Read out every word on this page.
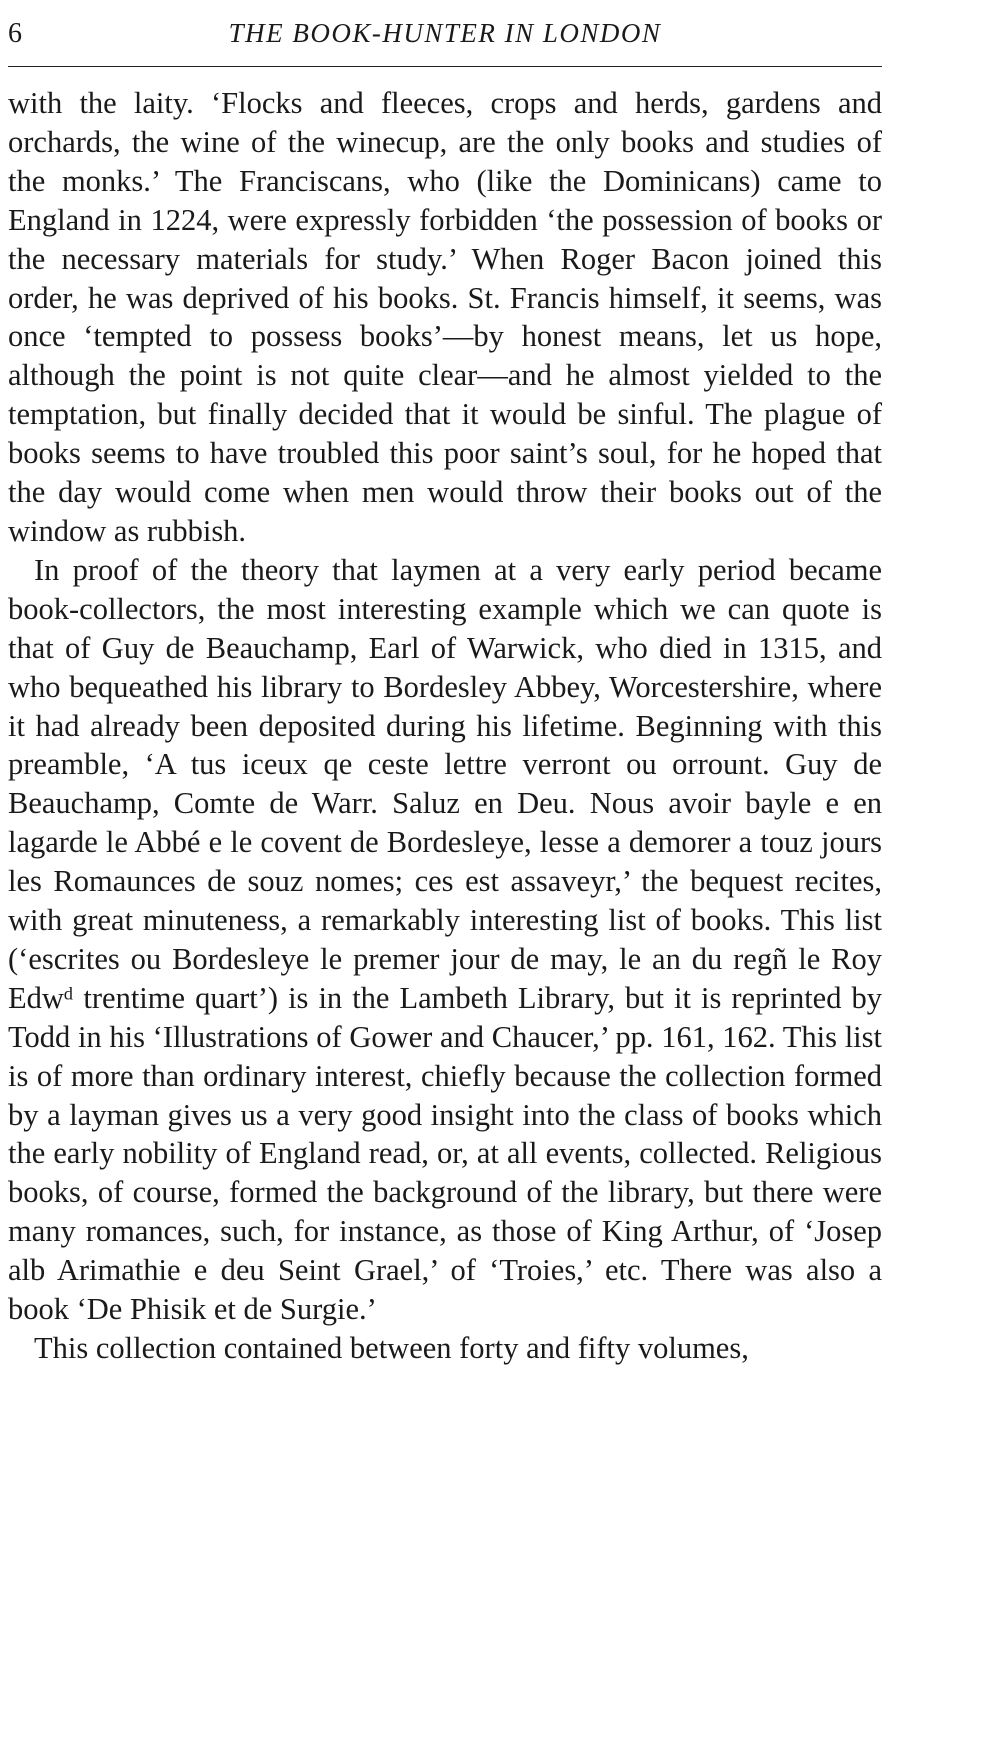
6	THE BOOK-HUNTER IN LONDON

with the laity. ‘Flocks and fleeces, crops and herds, gardens and orchards, the wine of the winecup, are the only books and studies of the monks.’ The Franciscans, who (like the Dominicans) came to England in 1224, were expressly forbidden ‘the possession of books or the necessary materials for study.’ When Roger Bacon joined this order, he was deprived of his books. St. Francis himself, it seems, was once ‘tempted to possess books’—by honest means, let us hope, although the point is not quite clear—and he almost yielded to the temptation, but finally decided that it would be sinful. The plague of books seems to have troubled this poor saint’s soul, for he hoped that the day would come when men would throw their books out of the window as rubbish.

In proof of the theory that laymen at a very early period became book-collectors, the most interesting example which we can quote is that of Guy de Beauchamp, Earl of Warwick, who died in 1315, and who bequeathed his library to Bordesley Abbey, Worcestershire, where it had already been deposited during his lifetime. Beginning with this preamble, ‘A tus iceux qe ceste lettre verront ou orrount. Guy de Beauchamp, Comte de Warr. Saluz en Deu. Nous avoir bayle e en lagarde le Abbé e le covent de Bordesleye, lesse a demorer a touz jours les Romaunces de souz nomes; ces est assaveyr,’ the bequest recites, with great minuteness, a remarkably interesting list of books. This list (‘escrites ou Bordesleye le premer jour de may, le an du regñ le Roy Edwᵈ trentime quart’) is in the Lambeth Library, but it is reprinted by Todd in his ‘Illustrations of Gower and Chaucer,’ pp. 161, 162. This list is of more than ordinary interest, chiefly because the collection formed by a layman gives us a very good insight into the class of books which the early nobility of England read, or, at all events, collected. Religious books, of course, formed the background of the library, but there were many romances, such, for instance, as those of King Arthur, of ‘Josep alb Arimathie e deu Seint Grael,’ of ‘Troies,’ etc. There was also a book ‘De Phisik et de Surgie.’

This collection contained between forty and fifty volumes,
